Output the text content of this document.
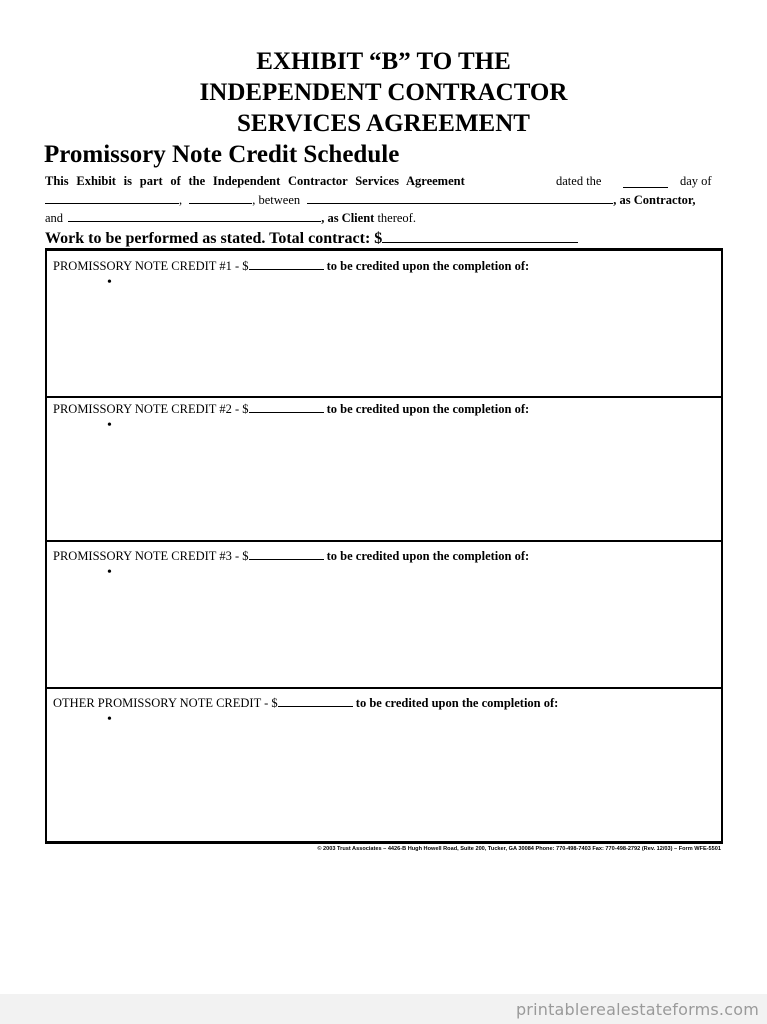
EXHIBIT “B” TO THE
INDEPENDENT CONTRACTOR
SERVICES AGREEMENT
Promissory Note Credit Schedule
This Exhibit is part of the Independent Contractor Services Agreement	dated the	day of
,	, between	, as Contractor,
and	, as Client thereof.
Work to be performed as stated. Total contract: $
PROMISSORY NOTE CREDIT #1 - $	to be credited upon the completion of:
•
PROMISSORY NOTE CREDIT #2 - $	to be credited upon the completion of:
•
PROMISSORY NOTE CREDIT #3 - $	to be credited upon the completion of:
•
OTHER PROMISSORY NOTE CREDIT - $	to be credited upon the completion of:
•
© 2003 Trust Associates – 4426-B Hugh Howell Road, Suite 200, Tucker, GA 30084 Phone: 770-498-7403 Fax: 770-498-2792 (Rev. 12/03) – Form WFE-5501
printablerealestateforms.com
